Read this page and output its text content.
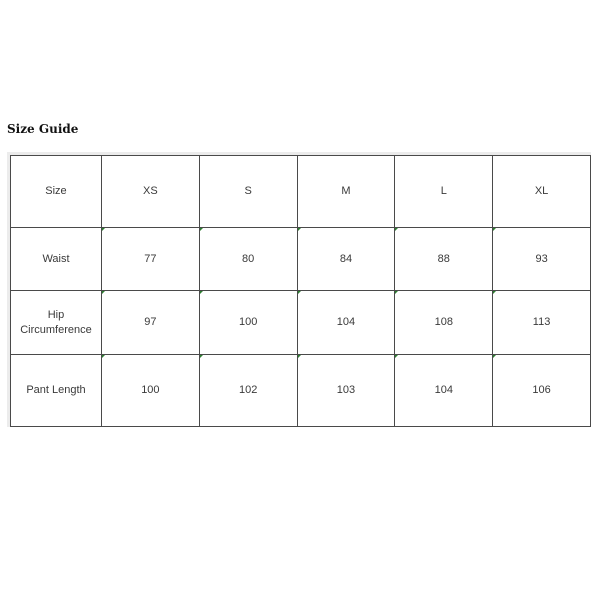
Size Guide
Size	XS	S	M	L	XL
Waist	77	80	84	88	93
Hip Circumference	97	100	104	108	113
Pant Length	100	102	103	104	106
